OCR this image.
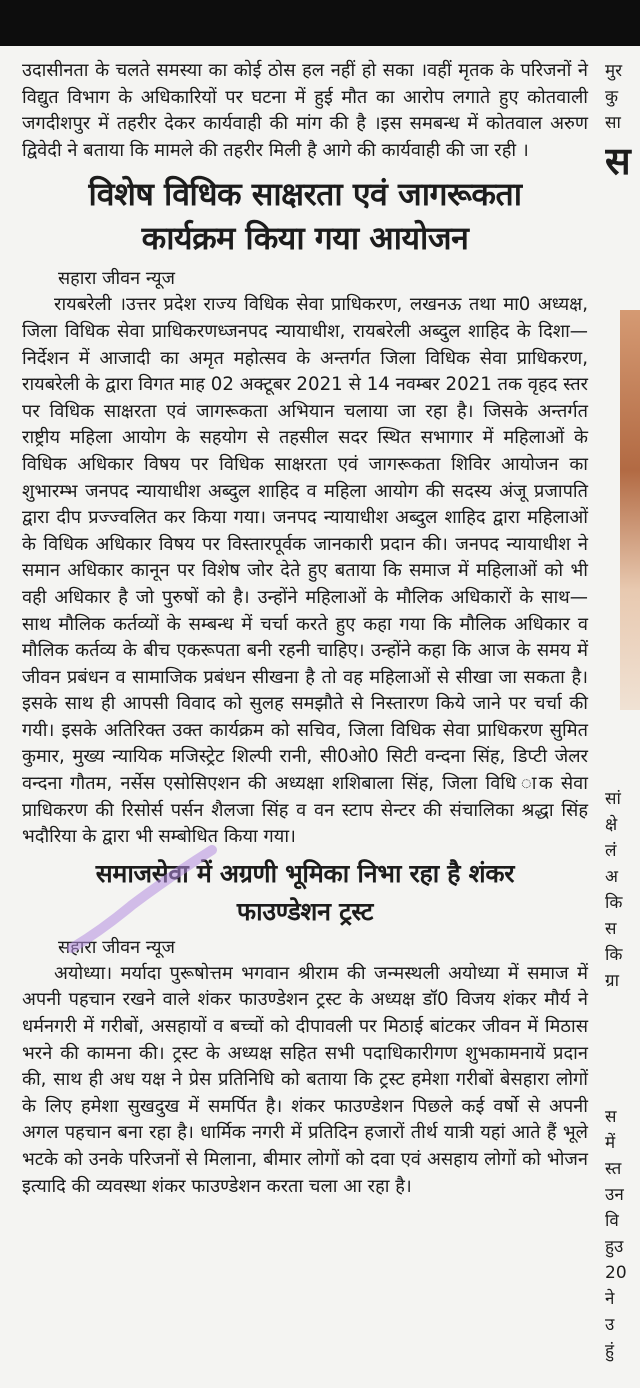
उदासीनता के चलते समस्या का कोई ठोस हल नहीं हो सका ।वहीं मृतक के परिजनों ने विद्युत विभाग के अधिकारियों पर घटना में हुई मौत का आरोप लगाते हुए कोतवाली जगदीशपुर में तहरीर देकर कार्यवाही की मांग की है ।इस समबन्ध में कोतवाल अरुण द्विवेदी ने बताया कि मामले की तहरीर मिली है आगे की कार्यवाही की जा रही ।

विशेष विधिक साक्षरता एवं जागरूकता
कार्यक्रम किया गया आयोजन
सहारा जीवन न्यूज

रायबरेली ।उत्तर प्रदेश राज्य विधिक सेवा प्राधिकरण, लखनऊ तथा मा0 अध्यक्ष, जिला विधिक सेवा प्राधिकरणध्जनपद न्यायाधीश, रायबरेली अब्दुल शाहिद के दिशा—निर्देशन में आजादी का अमृत महोत्सव के अन्तर्गत जिला विधिक सेवा प्राधिकरण, रायबरेली के द्वारा विगत माह 02 अक्टूबर 2021 से 14 नवम्बर 2021 तक वृहद स्तर पर विधिक साक्षरता एवं जागरूकता अभियान चलाया जा रहा है। जिसके अन्तर्गत राष्ट्रीय महिला आयोग के सहयोग से तहसील सदर स्थित सभागार में महिलाओं के विधिक अधिकार विषय पर विधिक साक्षरता एवं जागरूकता शिविर आयोजन का शुभारम्भ जनपद न्यायाधीश अब्दुल शाहिद व महिला आयोग की सदस्य अंजू प्रजापति द्वारा दीप प्रज्ज्वलित कर किया गया। जनपद न्यायाधीश अब्दुल शाहिद द्वारा महिलाओं के विधिक अधिकार विषय पर विस्तारपूर्वक जानकारी प्रदान की। जनपद न्यायाधीश ने समान अधिकार कानून पर विशेष जोर देते हुए बताया कि समाज में महिलाओं को भी वही अधिकार है जो पुरुषों को है। उन्होंने महिलाओं के मौलिक अधिकारों के साथ—साथ मौलिक कर्तव्यों के सम्बन्ध में चर्चा करते हुए कहा गया कि मौलिक अधिकार व मौलिक कर्तव्य के बीच एकरूपता बनी रहनी चाहिए। उन्होंने कहा कि आज के समय में जीवन प्रबंधन व सामाजिक प्रबंधन सीखना है तो वह महिलाओं से सीखा जा सकता है। इसके साथ ही आपसी विवाद को सुलह समझौते से निस्तारण किये जाने पर चर्चा की गयी। इसके अतिरिक्त उक्त कार्यक्रम को सचिव, जिला विधिक सेवा प्राधिकरण सुमित कुमार, मुख्य न्यायिक मजिस्ट्रेट शिल्पी रानी, सी0ओ0 सिटी वन्दना सिंह, डिप्टी जेलर वन्दना गौतम, नर्सेस एसोसिएशन की अध्यक्षा शशिबाला सिंह, जिला विधि ाक सेवा प्राधिकरण की रिसोर्स पर्सन शैलजा सिंह व वन स्टाप सेन्टर की संचालिका श्रद्धा सिंह भदौरिया के द्वारा भी सम्बोधित किया गया।

समाजसेवा में अग्रणी भूमिका निभा रहा है शंकर
फाउण्डेशन ट्रस्ट
सहारा जीवन न्यूज

अयोध्या। मर्यादा पुरूषोत्तम भगवान श्रीराम की जन्मस्थली अयोध्या में समाज में अपनी पहचान रखने वाले शंकर फाउण्डेशन ट्रस्ट के अध्यक्ष डॉ0 विजय शंकर मौर्य ने धर्मनगरी में गरीबों, असहायों व बच्चों को दीपावली पर मिठाई बांटकर जीवन में मिठास भरने की कामना की। ट्रस्ट के अध्यक्ष सहित सभी पदाधिकारीगण शुभकामनायें प्रदान की, साथ ही अध यक्ष ने प्रेस प्रतिनिधि को बताया कि ट्रस्ट हमेशा गरीबों बेसहारा लोगों के लिए हमेशा सुखदुख में समर्पित है। शंकर फाउण्डेशन पिछले कई वर्षो से अपनी अगल पहचान बना रहा है। धार्मिक नगरी में प्रतिदिन हजारों तीर्थ यात्री यहां आते हैं भूले भटके को उनके परिजनों से मिलाना, बीमार लोगों को दवा एवं असहाय लोगों को भोजन इत्यादि की व्यवस्था शंकर फाउण्डेशन करता चला आ रहा है।

मुर
कु
सा
स
सां
क्षे
लंं
अ
कि
स
कि
ग्रा
स
में
स्त
उन
वि
हुउ
20
ने
उ
हुं
